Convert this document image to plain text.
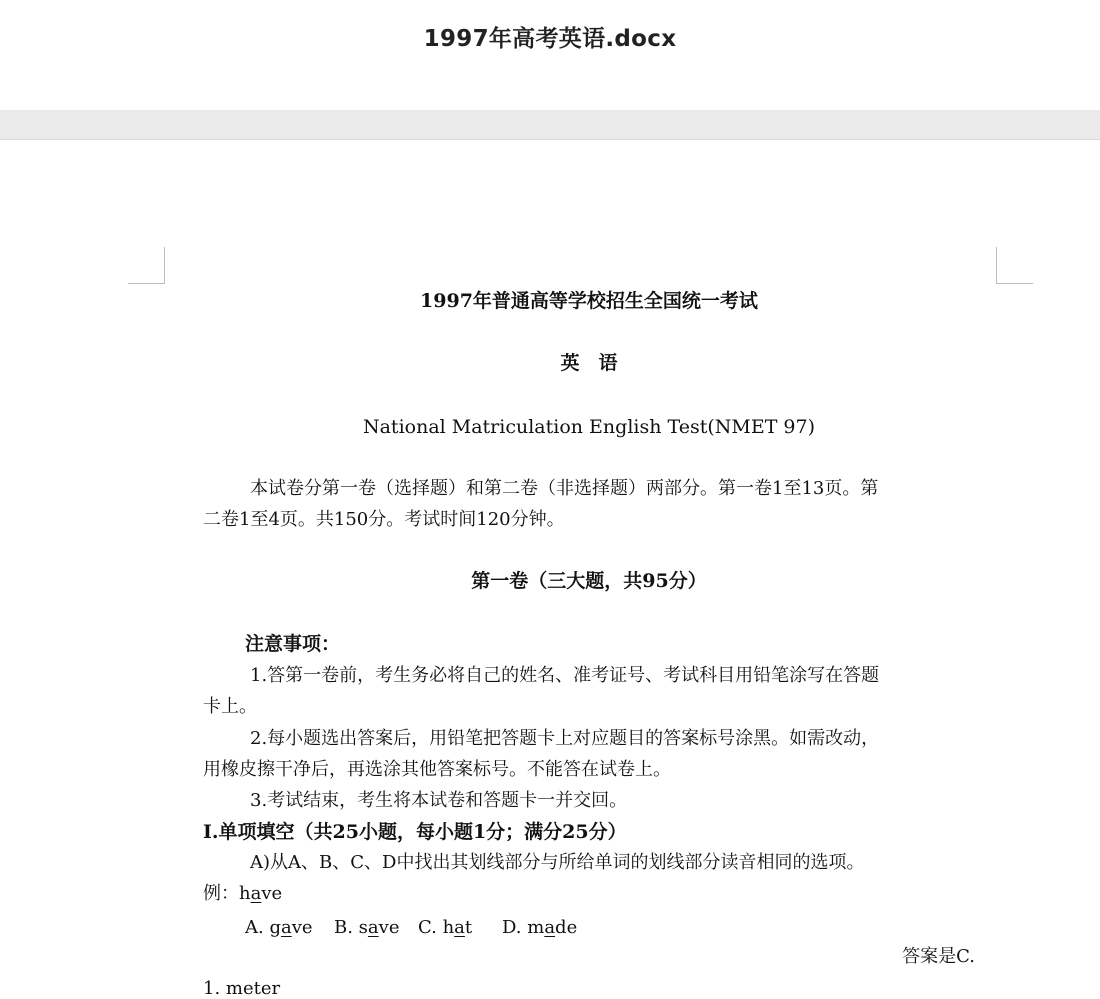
1997年高考英语.docx
1997年普通高等学校招生全国统一考试
英　语
National Matriculation English Test(NMET 97)
本试卷分第一卷（选择题）和第二卷（非选择题）两部分。第一卷1至13页。第
二卷1至4页。共150分。考试时间120分钟。
第一卷（三大题，共95分）
注意事项：
1.答第一卷前，考生务必将自己的姓名、准考证号、考试科目用铅笔涂写在答题
卡上。
2.每小题选出答案后，用铅笔把答题卡上对应题目的答案标号涂黑。如需改动，
用橡皮擦干净后，再选涂其他答案标号。不能答在试卷上。
3.考试结束，考生将本试卷和答题卡一并交回。
Ⅰ.单项填空（共25小题，每小题1分；满分25分）
A)从A、B、C、D中找出其划线部分与所给单词的划线部分读音相同的选项。
例：have
A. gave B. save C. hat D. made
答案是C.
1. meter
